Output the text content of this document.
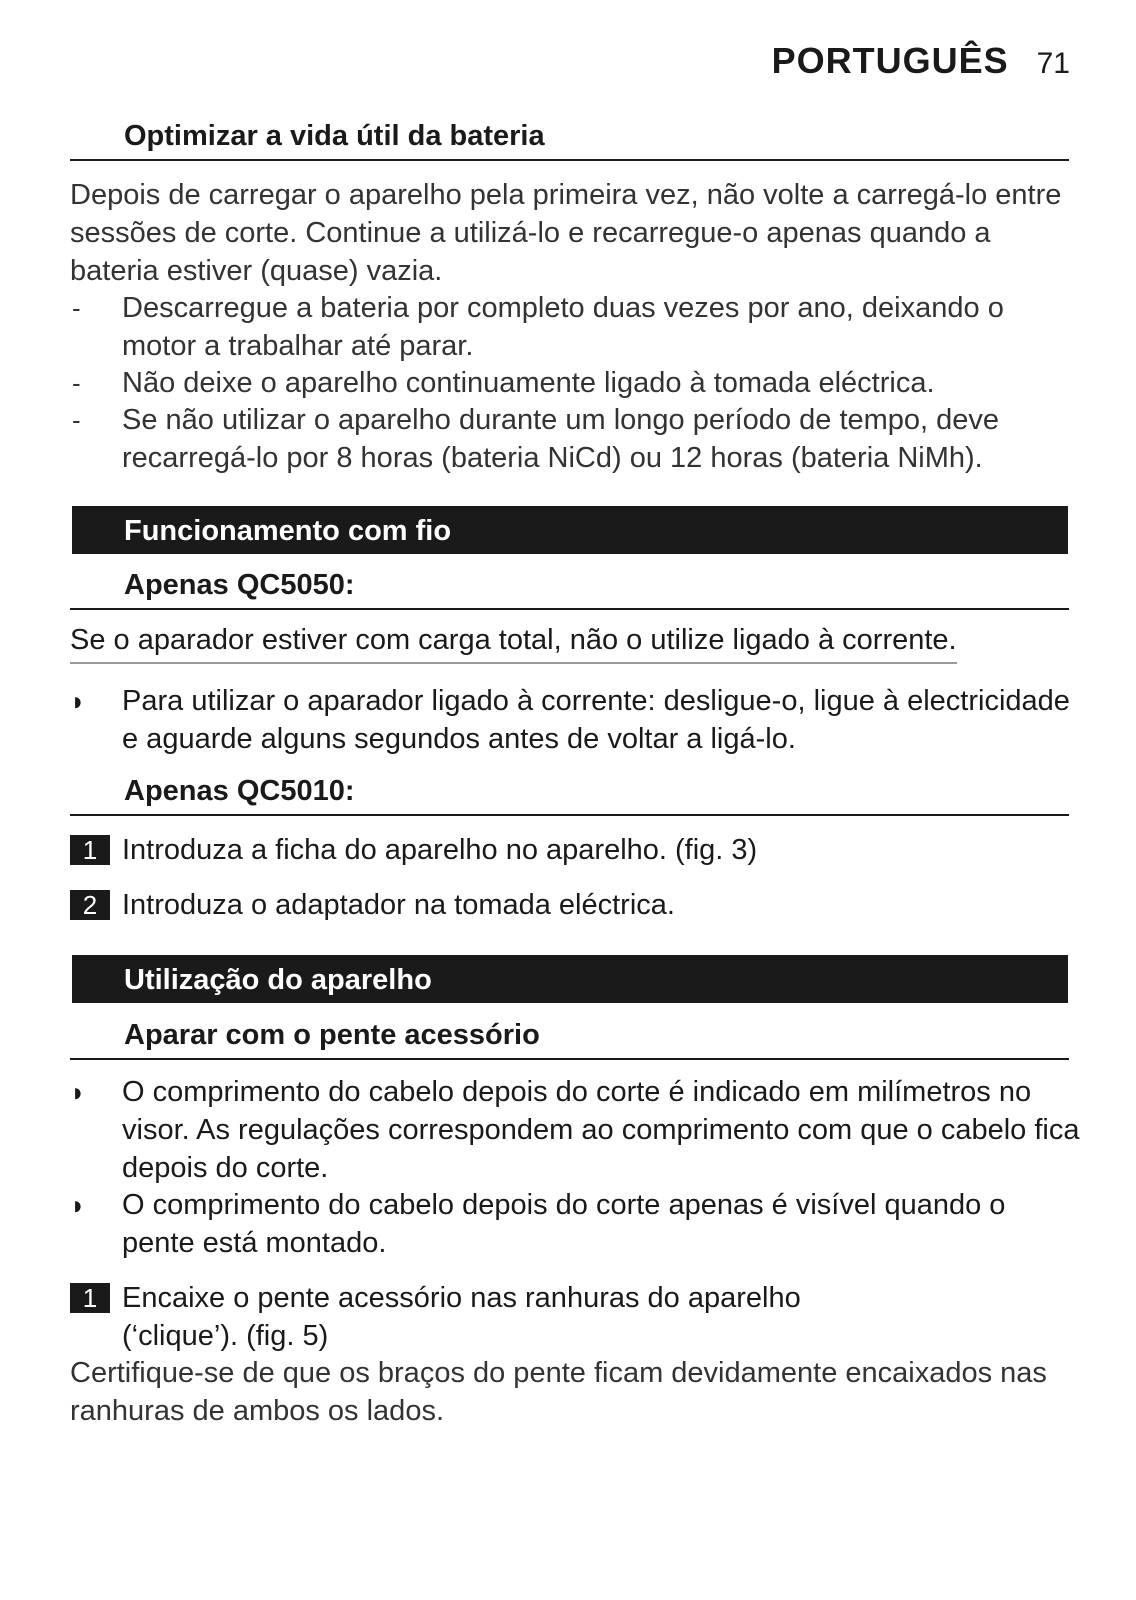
PORTUGUÊS 71
Optimizar a vida útil da bateria

Depois de carregar o aparelho pela primeira vez, não volte a carregá-lo entre sessões de corte. Continue a utilizá-lo e recarregue-o apenas quando a bateria estiver (quase) vazia.

-	Descarregue a bateria por completo duas vezes por ano, deixando o motor a trabalhar até parar.
-	Não deixe o aparelho continuamente ligado à tomada eléctrica.
-	Se não utilizar o aparelho durante um longo período de tempo, deve recarregá-lo por 8 horas (bateria NiCd) ou 12 horas (bateria NiMh).
Funcionamento com fio
Apenas QC5050:
Se o aparador estiver com carga total, não o utilize ligado à corrente.
◗	Para utilizar o aparador ligado à corrente: desligue-o, ligue à electricidade e aguarde alguns segundos antes de voltar a ligá-lo.
Apenas QC5010:
1 Introduza a ficha do aparelho no aparelho. (fig. 3)
2 Introduza o adaptador na tomada eléctrica.
Utilização do aparelho
Aparar com o pente acessório
◗	O comprimento do cabelo depois do corte é indicado em milímetros no visor. As regulações correspondem ao comprimento com que o cabelo fica depois do corte.
◗	O comprimento do cabelo depois do corte apenas é visível quando o pente está montado.
1 Encaixe o pente acessório nas ranhuras do aparelho (‘clique’). (fig. 5)

Certifique-se de que os braços do pente ficam devidamente encaixados nas ranhuras de ambos os lados.
